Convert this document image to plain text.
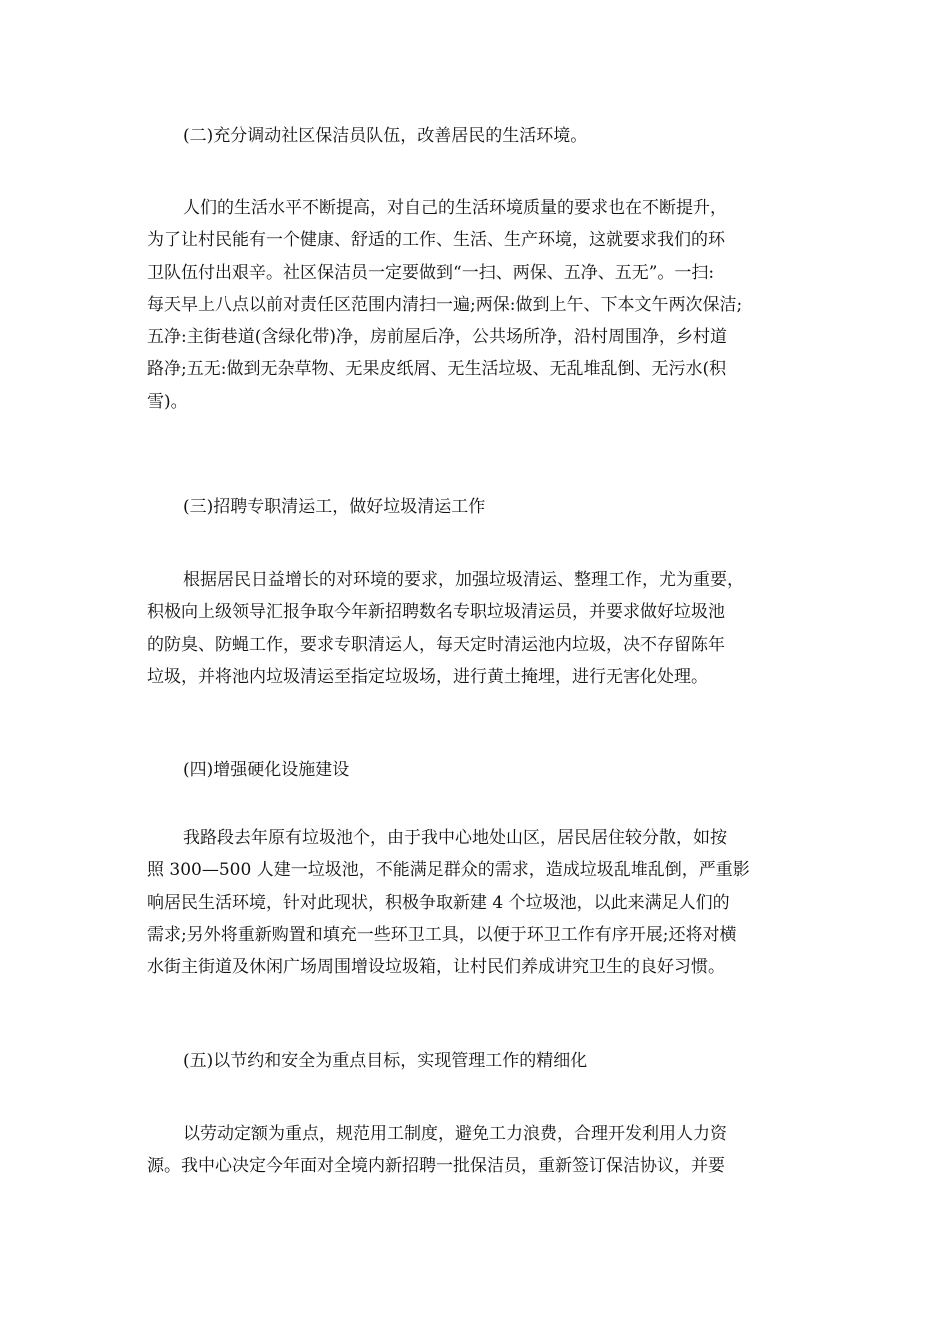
(二)充分调动社区保洁员队伍，改善居民的生活环境。
人们的生活水平不断提高，对自己的生活环境质量的要求也在不断提升，
为了让村民能有一个健康、舒适的工作、生活、生产环境，这就要求我们的环
卫队伍付出艰辛。社区保洁员一定要做到“一扫、两保、五净、五无”。一扫:
每天早上八点以前对责任区范围内清扫一遍;两保:做到上午、下本文午两次保洁;
五净:主街巷道(含绿化带)净，房前屋后净，公共场所净，沿村周围净，乡村道
路净;五无:做到无杂草物、无果皮纸屑、无生活垃圾、无乱堆乱倒、无污水(积
雪)。
(三)招聘专职清运工，做好垃圾清运工作
根据居民日益增长的对环境的要求，加强垃圾清运、整理工作，尤为重要，
积极向上级领导汇报争取今年新招聘数名专职垃圾清运员，并要求做好垃圾池
的防臭、防蝇工作，要求专职清运人，每天定时清运池内垃圾，决不存留陈年
垃圾，并将池内垃圾清运至指定垃圾场，进行黄土掩埋，进行无害化处理。
(四)增强硬化设施建设
我路段去年原有垃圾池个，由于我中心地处山区，居民居住较分散，如按
照 300—500 人建一垃圾池，不能满足群众的需求，造成垃圾乱堆乱倒，严重影
响居民生活环境，针对此现状，积极争取新建 4 个垃圾池，以此来满足人们的
需求;另外将重新购置和填充一些环卫工具，以便于环卫工作有序开展;还将对横
水街主街道及休闲广场周围增设垃圾箱，让村民们养成讲究卫生的良好习惯。
(五)以节约和安全为重点目标，实现管理工作的精细化
以劳动定额为重点，规范用工制度，避免工力浪费，合理开发利用人力资
源。我中心决定今年面对全境内新招聘一批保洁员，重新签订保洁协议，并要
